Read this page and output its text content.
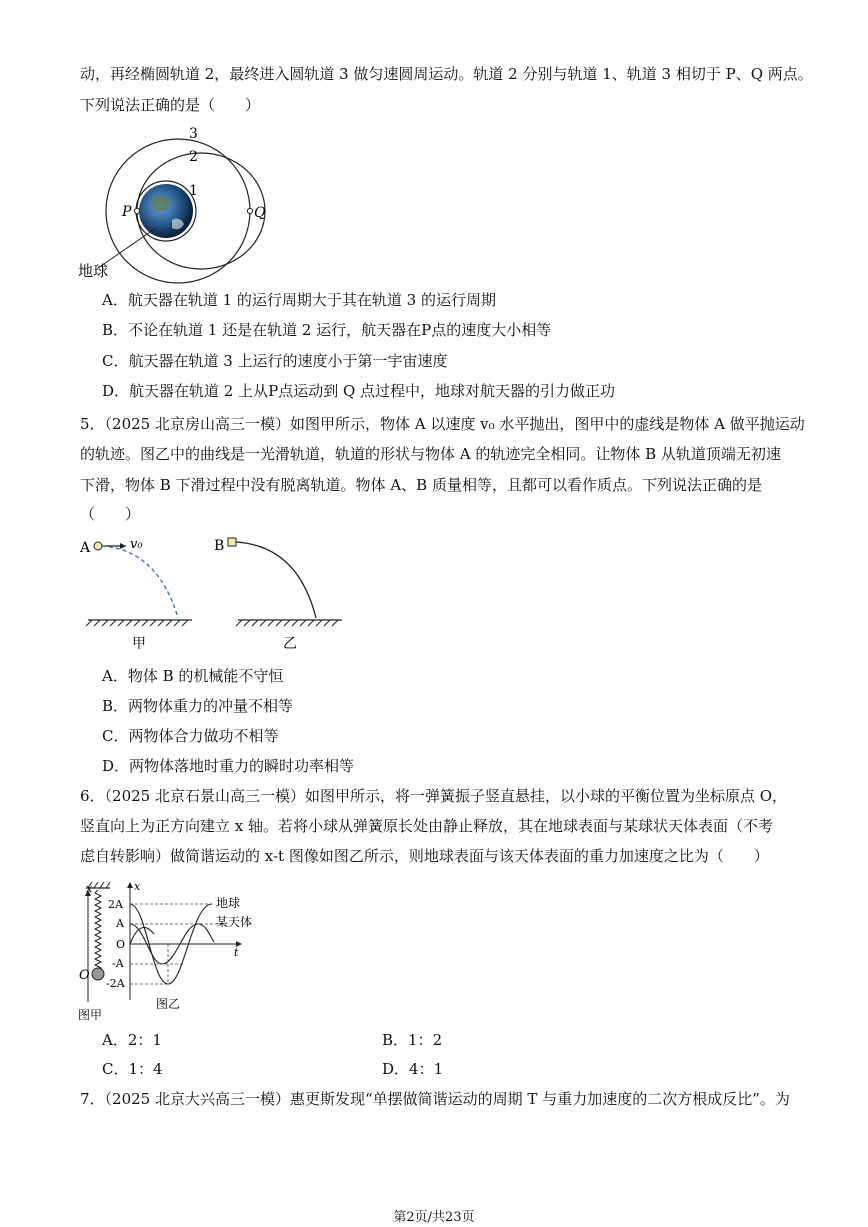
动，再经椭圆轨道 2，最终进入圆轨道 3 做匀速圆周运动。轨道 2 分别与轨道 1、轨道 3 相切于 P、Q 两点。
下列说法正确的是（　　）
3
2
1
P	Q
地球
A．航天器在轨道 1 的运行周期大于其在轨道 3 的运行周期
B．不论在轨道 1 还是在轨道 2 运行，航天器在P点的速度大小相等
C．航天器在轨道 3 上运行的速度小于第一宇宙速度
D．航天器在轨道 2 上从P点运动到 Q 点过程中，地球对航天器的引力做正功
5．（2025 北京房山高三一模）如图甲所示，物体 A 以速度 v₀ 水平抛出，图甲中的虚线是物体 A 做平抛运动
的轨迹。图乙中的曲线是一光滑轨道，轨道的形状与物体 A 的轨迹完全相同。让物体 B 从轨道顶端无初速
下滑，物体 B 下滑过程中没有脱离轨道。物体 A、B 质量相等，且都可以看作质点。下列说法正确的是
（　　）
A	v₀
甲
B
乙
A．物体 B 的机械能不守恒
B．两物体重力的冲量不相等
C．两物体合力做功不相等
D．两物体落地时重力的瞬时功率相等
6．（2025 北京石景山高三一模）如图甲所示，将一弹簧振子竖直悬挂，以小球的平衡位置为坐标原点 O，
竖直向上为正方向建立 x 轴。若将小球从弹簧原长处由静止释放，其在地球表面与某球状天体表面（不考
虑自转影响）做简谐运动的 x-t 图像如图乙所示，则地球表面与该天体表面的重力加速度之比为（　　）
x
O
图甲
x
t
2A
A
O
-A
-2A
地球
某天体
图乙
A．2：1	B．1：2
C．1：4	D．4：1
7．（2025 北京大兴高三一模）惠更斯发现“单摆做简谐运动的周期 T 与重力加速度的二次方根成反比”。为
第2页/共23页
